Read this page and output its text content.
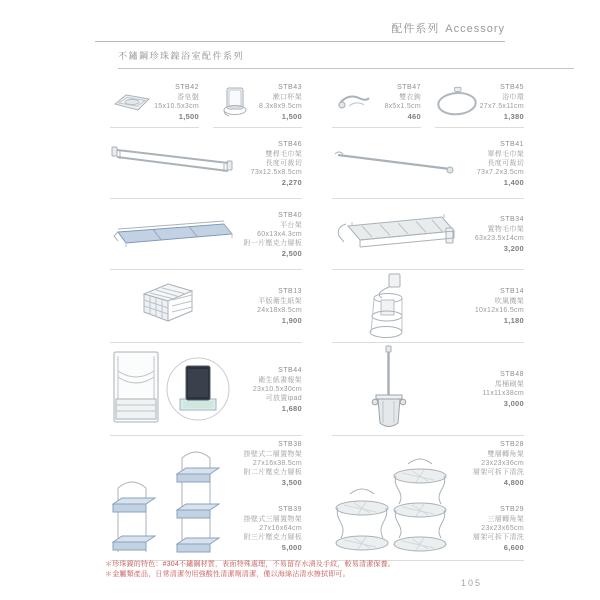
配件系列 Accessory
不鏽鋼珍珠鎳浴室配件系列
STB42
香皂盤
15x10.5x3cm
1,500
STB43
漱口杯架
8.3x8x9.5cm
1,500
STB46
雙桿毛巾架
長度可裁切
73x12.5x8.5cm
2,270
STB40
平台架
60x13x4.3cm
附一片壓克力層板
2,500
STB13
平版衛生紙架
24x18x8.5cm
1,900
STB44
衛生紙書報架
23x10.5x30cm
可放置ipad
1,680
STB38
掛壁式二層置物架
27x16x38.5cm
附二片壓克力層板
3,500
STB39
掛壁式三層置物架
27x16x64cm
附三片壓克力層板
5,000
STB47
雙衣鉤
8x5x1.5cm
460
STB45
浴巾環
27x7.5x11cm
1,380
STB41
單桿毛巾架
長度可裁切
73x7.2x3.5cm
1,400
STB34
置物毛巾架
63x23.5x14cm
3,200
STB14
吹風機架
10x12x16.5cm
1,180
STB48
馬桶刷架
11x11x38cm
3,000
STB28
雙層轉角架
23x23x36cm
層架可拆下清洗
4,800
STB29
三層轉角架
23x23x65cm
層架可拆下清洗
6,600
＊珍珠鎳的特色：#304不鏽鋼材質，表面特殊處理，不易留存水漬及手紋，較易清潔保養。
＊金屬類產品，日常清潔勿用強酸性清潔劑清潔，僅以海綿沾清水擦拭即可。
105
